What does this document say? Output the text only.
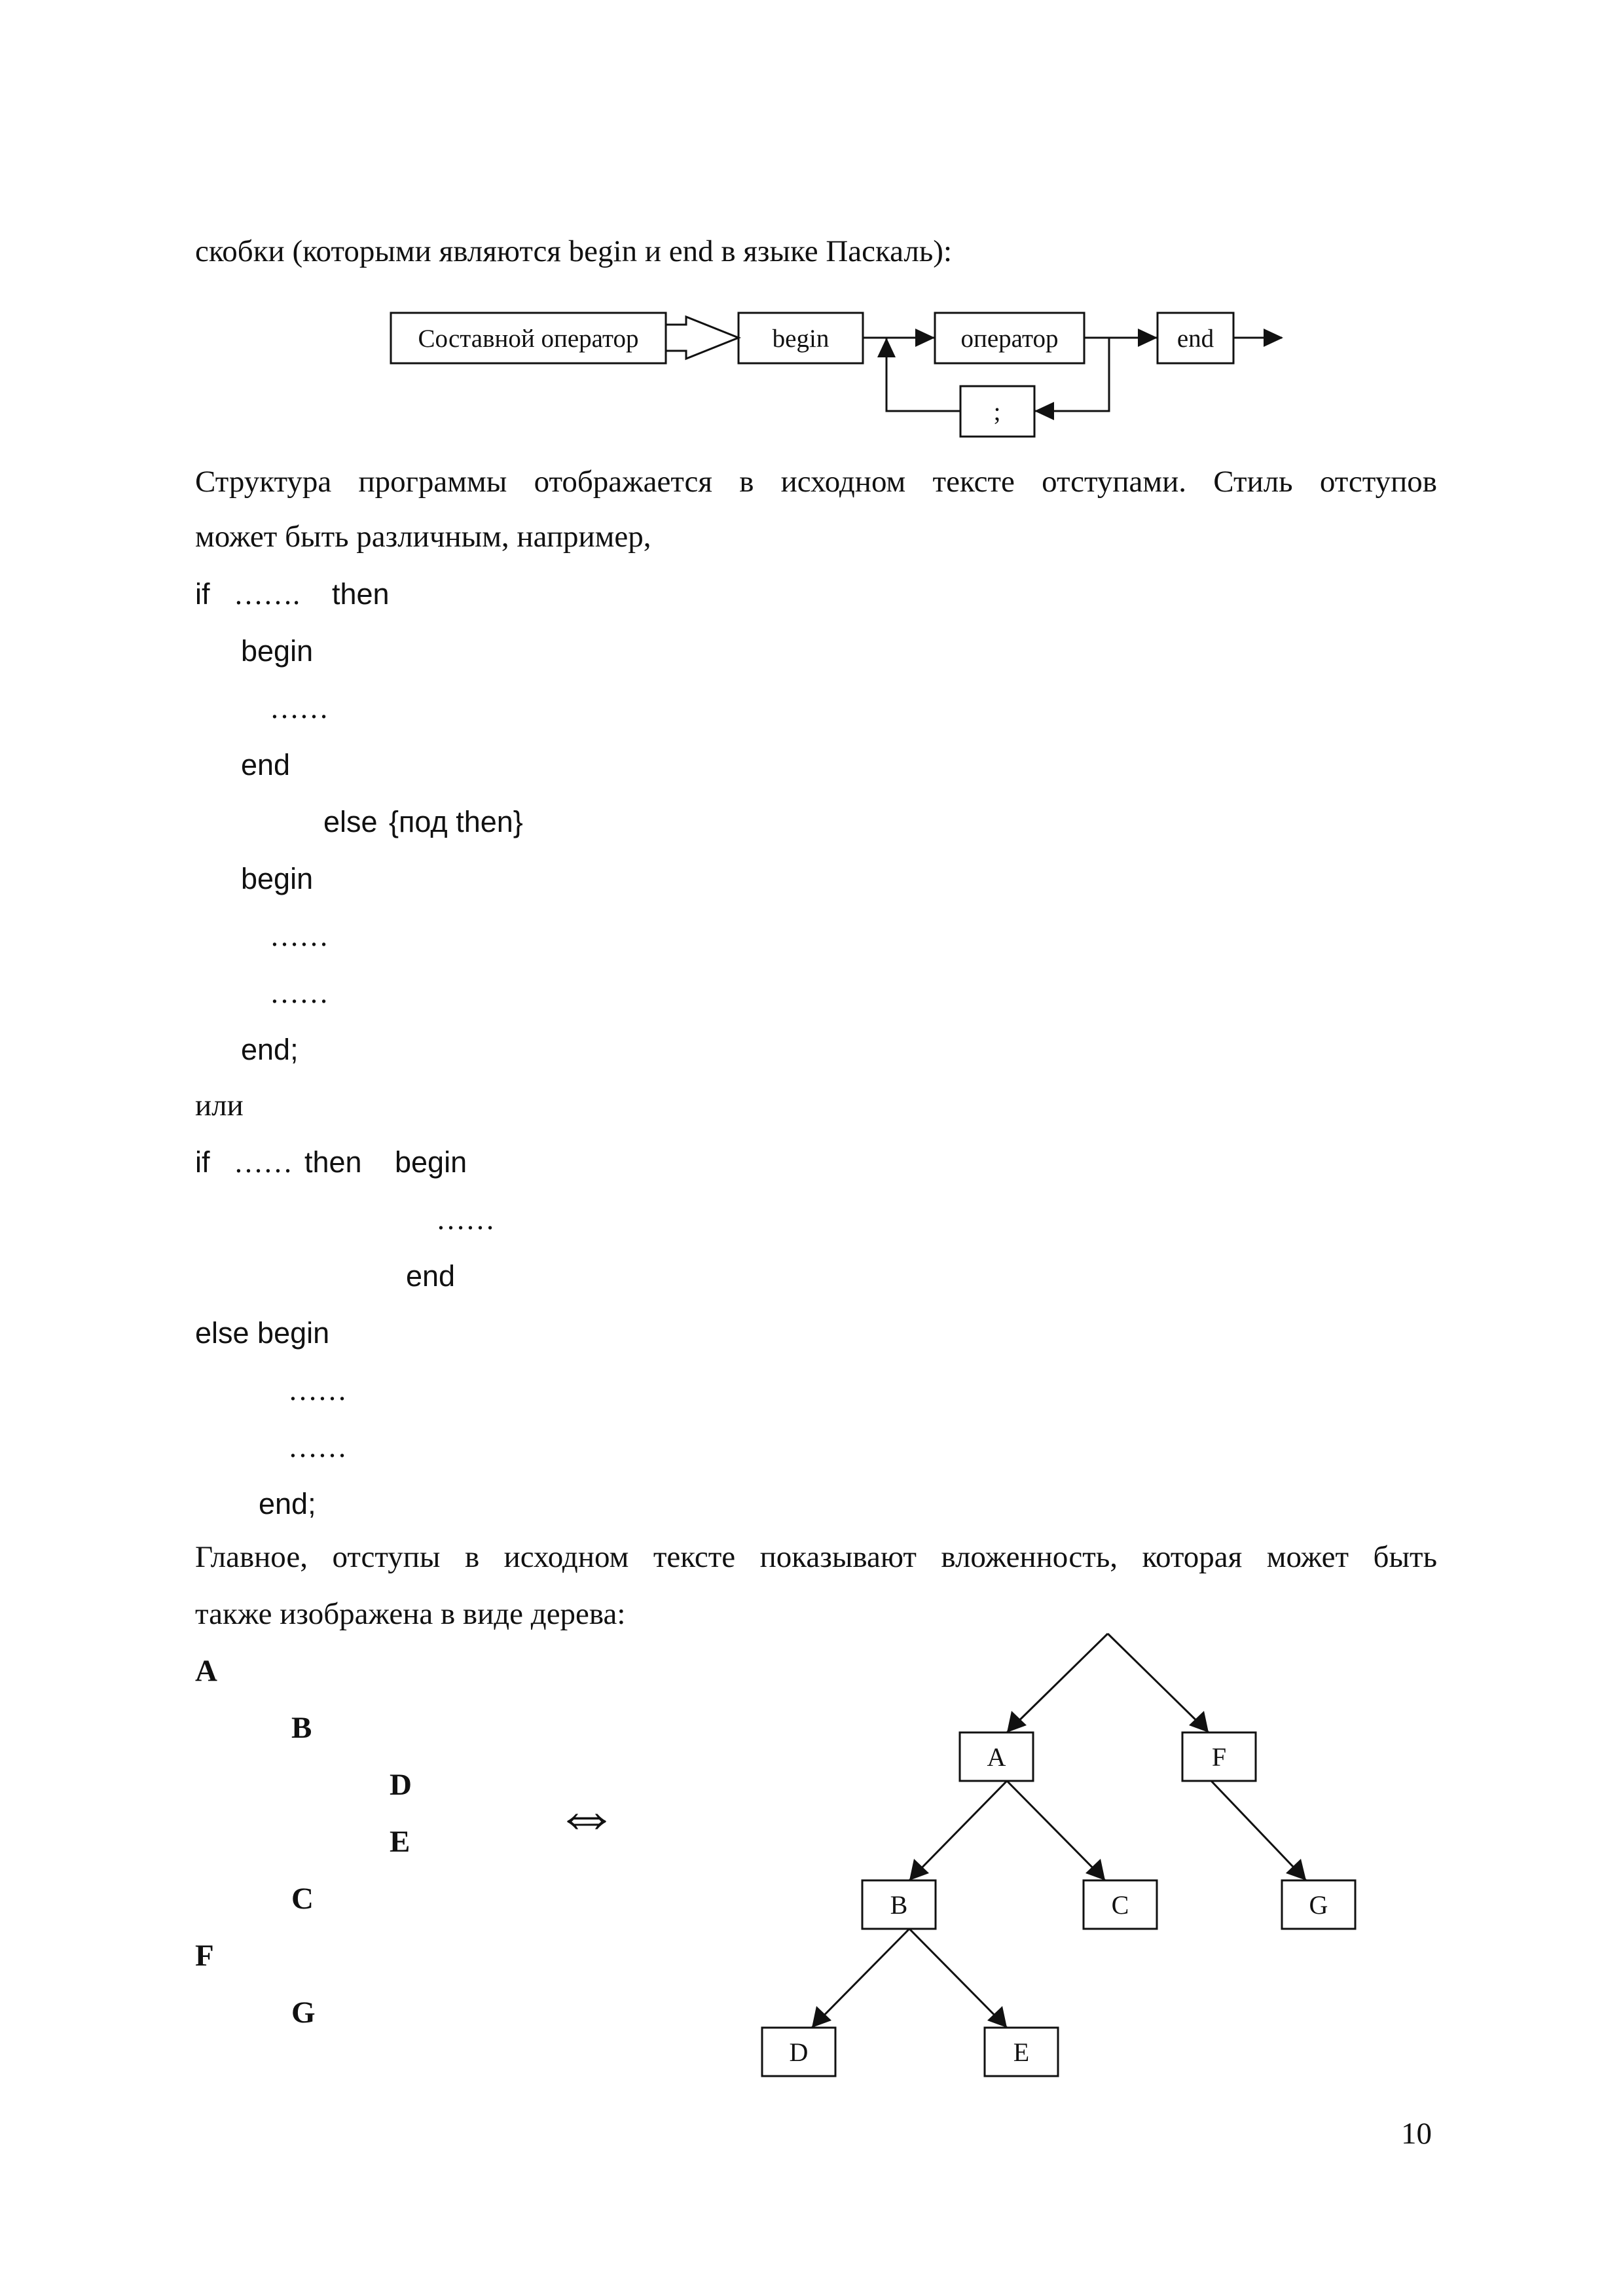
скобки (которыми являются begin и end в языке Паскаль):

Составной оператор	begin	оператор	end
;

Структура программы отображается в исходном тексте отступами. Стиль отступов

может быть различным, например,

if ……. then
begin
……
end
else {под then}
begin
……
……
end;

или

if …… then begin
……
end
else begin
……
……
end;

Главное, отступы в исходном тексте показывают вложенность, которая может быть

также изображена в виде дерева:

A
B
D
E
C
F
G
⇔
A	F
B	C	G
D	E
10
